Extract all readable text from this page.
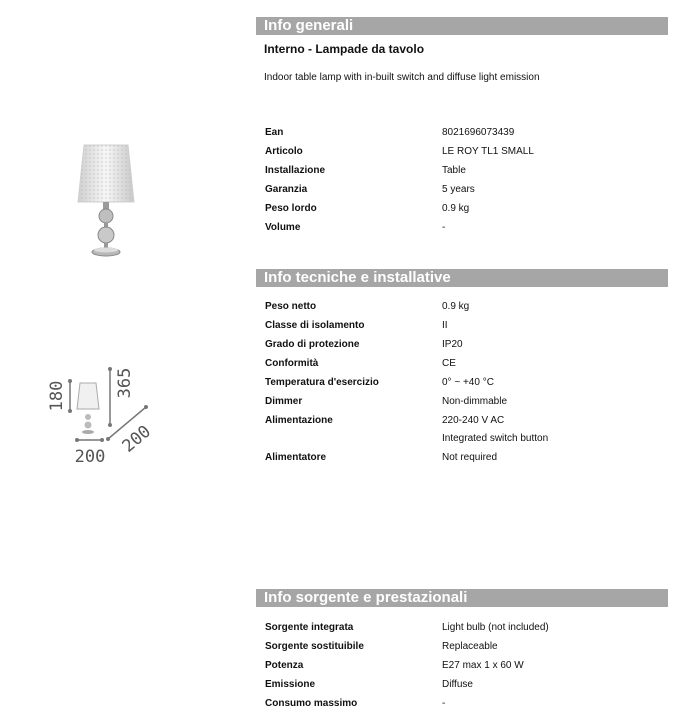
180	365
200
200
Info generali
Interno - Lampade da tavolo
Indoor table lamp with in-built switch and diffuse light emission
Ean	8021696073439
Articolo	LE ROY TL1 SMALL
Installazione	Table
Garanzia	5 years
Peso lordo	0.9 kg
Volume	-
Info tecniche e installative
Peso netto	0.9 kg
Classe di isolamento	II
Grado di protezione	IP20
Conformità	CE
Temperatura d'esercizio	0° ~ +40 °C
Dimmer	Non-dimmable
Alimentazione	220-240 V AC
Integrated switch button
Alimentatore	Not required
Info sorgente e prestazionali
Sorgente integrata	Light bulb (not included)
Sorgente sostituibile	Replaceable
Potenza	E27 max 1 x 60 W
Emissione	Diffuse
Consumo massimo	-
